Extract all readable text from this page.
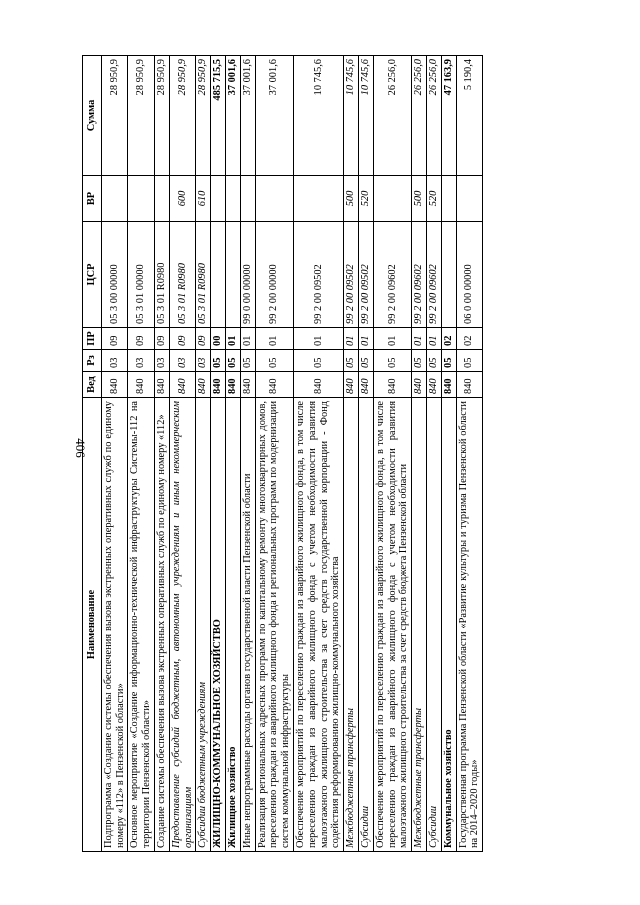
406
Наименование	Вед	Рз	ПР	ЦСР	ВР	Сумма
Подпрограмма «Создание системы обеспечения вызова экстренных оперативных служб по единому номеру «112» в Пензенской области»	840	03	09	05 3 00 00000		28 950,9
Основное мероприятие «Создание информационно-технической инфраструктуры Системы-112 на территории Пензенской области»	840	03	09	05 3 01 00000		28 950,9
Создание системы обеспечения вызова экстренных оперативных служб по единому номеру «112»	840	03	09	05 3 01 R0980		28 950,9
Предоставление субсидий бюджетным, автономным учреждениям и иным некоммерческим организациям	840	03	09	05 3 01 R0980	600	28 950,9
Субсидии бюджетным учреждениям	840	03	09	05 3 01 R0980	610	28 950,9
ЖИЛИЩНО-КОММУНАЛЬНОЕ ХОЗЯЙСТВО	840	05	00			485 715,5
Жилищное хозяйство	840	05	01			37 001,6
Иные непрограммные расходы органов государственной власти Пензенской области	840	05	01	99 0 00 00000		37 001,6
Реализация региональных адресных программ по капитальному ремонту многоквартирных домов, переселению граждан из аварийного жилищного фонда и региональных программ по модернизации систем коммунальной инфраструктуры	840	05	01	99 2 00 00000		37 001,6
Обеспечение мероприятий по переселению граждан из аварийного жилищного фонда, в том числе переселению граждан из аварийного жилищного фонда с учетом необходимости развития малоэтажного жилищного строительства за счет средств государственной корпорации - Фонд содействия реформированию жилищно-коммунального хозяйства	840	05	01	99 2 00 09502		10 745,6
Межбюджетные трансферты	840	05	01	99 2 00 09502	500	10 745,6
Субсидии	840	05	01	99 2 00 09502	520	10 745,6
Обеспечение мероприятий по переселению граждан из аварийного жилищного фонда, в том числе переселению граждан из аварийного жилищного фонда с учетом необходимости развития малоэтажного жилищного строительства за счет средств бюджета Пензенской области	840	05	01	99 2 00 09602		26 256,0
Межбюджетные трансферты	840	05	01	99 2 00 09602	500	26 256,0
Субсидии	840	05	01	99 2 00 09602	520	26 256,0
Коммунальное хозяйство	840	05	02			47 163,9
Государственная программа Пензенской области «Развитие культуры и туризма Пензенской области на 2014–2020 годы»	840	05	02	06 0 00 00000		5 190,4
